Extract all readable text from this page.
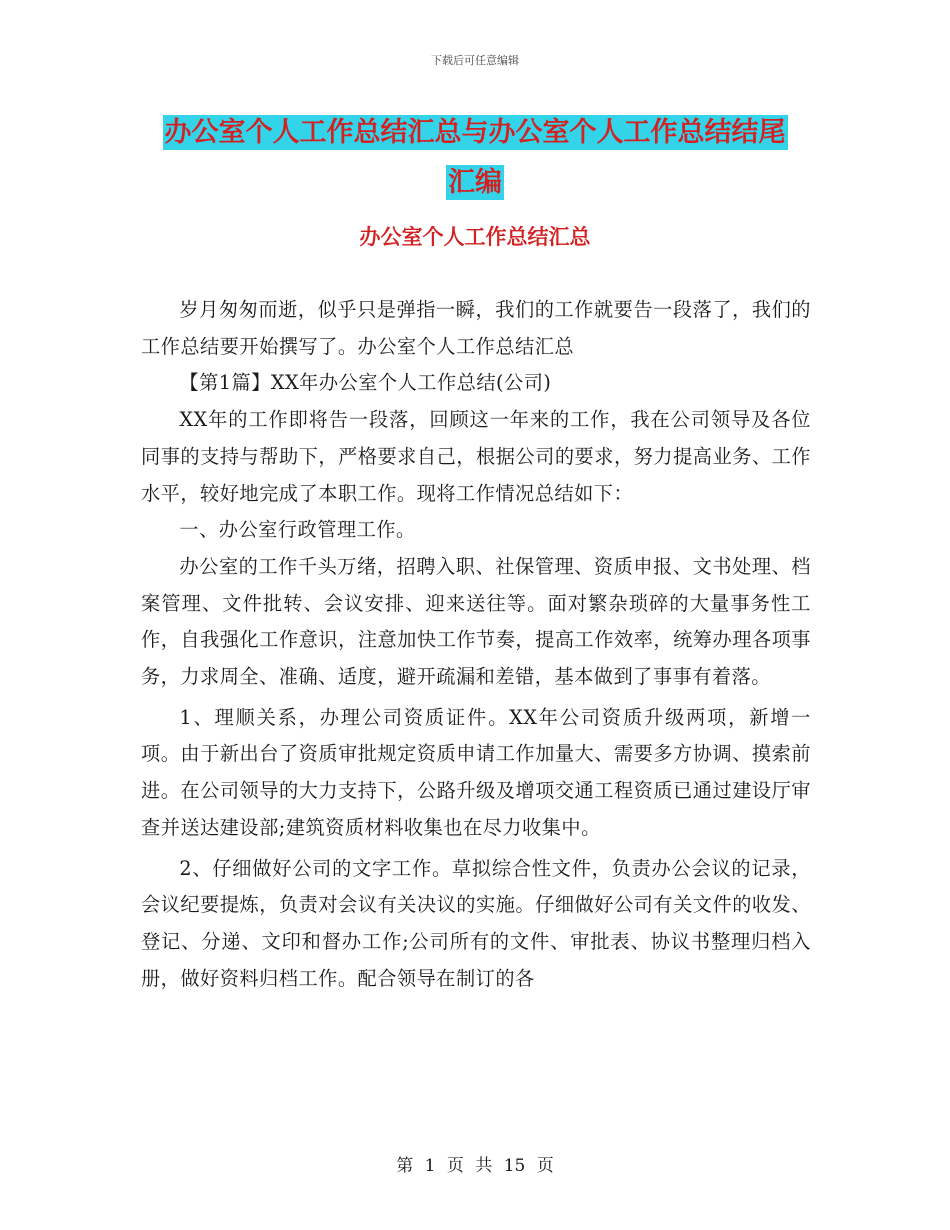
下载后可任意编辑
办公室个人工作总结汇总与办公室个人工作总结结尾
汇编
办公室个人工作总结汇总

岁月匆匆而逝，似乎只是弹指一瞬，我们的工作就要告一段落了，我们的工作总结要开始撰写了。办公室个人工作总结汇总

【第1篇】XX年办公室个人工作总结(公司)

XX年的工作即将告一段落，回顾这一年来的工作，我在公司领导及各位同事的支持与帮助下，严格要求自己，根据公司的要求，努力提高业务、工作水平，较好地完成了本职工作。现将工作情况总结如下：

一、办公室行政管理工作。

办公室的工作千头万绪，招聘入职、社保管理、资质申报、文书处理、档案管理、文件批转、会议安排、迎来送往等。面对繁杂琐碎的大量事务性工作，自我强化工作意识，注意加快工作节奏，提高工作效率，统筹办理各项事务，力求周全、准确、适度，避开疏漏和差错，基本做到了事事有着落。

1、理顺关系，办理公司资质证件。XX年公司资质升级两项，新增一项。由于新出台了资质审批规定资质申请工作加量大、需要多方协调、摸索前进。在公司领导的大力支持下，公路升级及增项交通工程资质已通过建设厅审查并送达建设部;建筑资质材料收集也在尽力收集中。

2、仔细做好公司的文字工作。草拟综合性文件，负责办公会议的记录，会议纪要提炼，负责对会议有关决议的实施。仔细做好公司有关文件的收发、登记、分递、文印和督办工作;公司所有的文件、审批表、协议书整理归档入册，做好资料归档工作。配合领导在制订的各

第 1 页 共 15 页
